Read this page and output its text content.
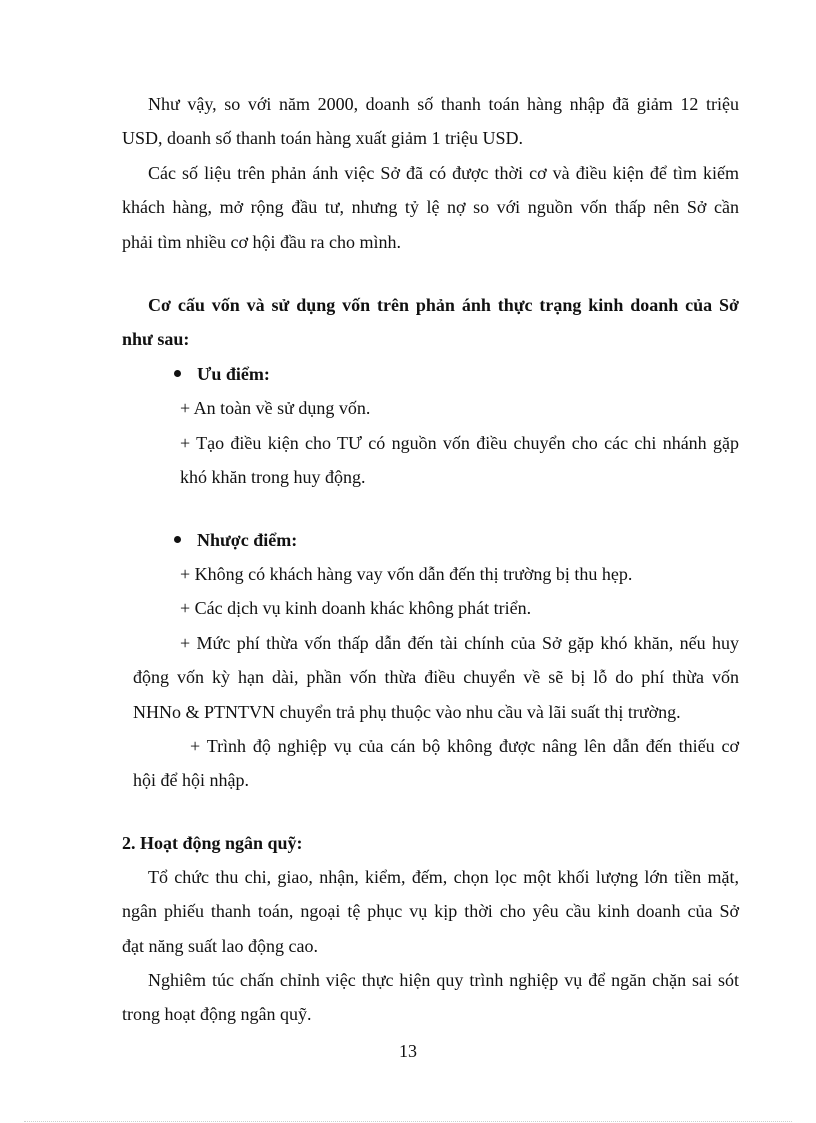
Như vậy, so với năm 2000, doanh số thanh toán hàng nhập đã giảm 12 triệu
USD, doanh số thanh toán hàng xuất giảm 1 triệu USD.
Các số liệu trên phản ánh việc Sở đã có được thời cơ và điều kiện để tìm kiếm
khách hàng, mở rộng đầu tư, nhưng tỷ lệ nợ so với nguồn vốn thấp nên Sở cần
phải tìm nhiều cơ hội đầu ra cho mình.
Cơ cấu vốn và sử dụng vốn trên phản ánh thực trạng kinh doanh của Sở
như sau:
Ưu điểm:
+ An toàn về sử dụng vốn.
+ Tạo điều kiện cho TƯ có nguồn vốn điều chuyển cho các chi nhánh gặp
khó khăn trong huy động.
Nhược điểm:
+ Không có khách hàng vay vốn dẫn đến thị trường bị thu hẹp.
+ Các dịch vụ kinh doanh khác không phát triển.
+ Mức phí thừa vốn thấp dẫn đến tài chính của Sở gặp khó khăn, nếu huy
động vốn kỳ hạn dài, phần vốn thừa điều chuyển về sẽ bị lỗ do phí thừa vốn
NHNo & PTNTVN chuyển trả phụ thuộc vào nhu cầu và lãi suất thị trường.
+ Trình độ nghiệp vụ của cán bộ không được nâng lên dẫn đến thiếu cơ
hội để hội nhập.
2. Hoạt động ngân quỹ:
Tổ chức thu chi, giao, nhận, kiểm, đếm, chọn lọc một khối lượng lớn tiền mặt,
ngân phiếu thanh toán, ngoại tệ phục vụ kịp thời cho yêu cầu kinh doanh của Sở
đạt năng suất lao động cao.
Nghiêm túc chấn chỉnh việc thực hiện quy trình nghiệp vụ để ngăn chặn sai sót
trong hoạt động ngân quỹ.
13
